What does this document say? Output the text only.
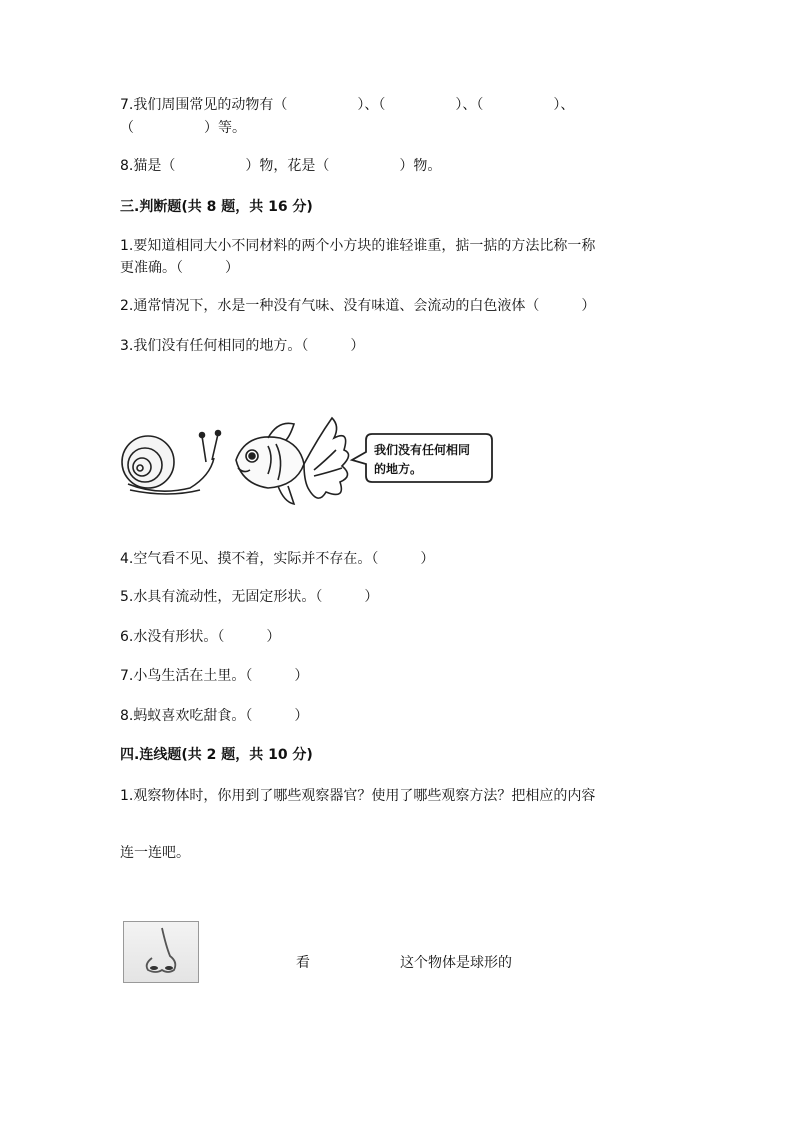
7.我们周围常见的动物有（　　　　　）、（　　　　　）、（　　　　　）、
（　　　　　）等。
8.猫是（　　　　　）物，花是（　　　　　）物。
三.判断题(共 8 题，共 16 分)
1.要知道相同大小不同材料的两个小方块的谁轻谁重，掂一掂的方法比称一称
更准确。（　　　）
2.通常情况下，水是一种没有气味、没有味道、会流动的白色液体（　　　）
3.我们没有任何相同的地方。（　　　）
我们没有任何相同
的地方。
4.空气看不见、摸不着，实际并不存在。（　　　）
5.水具有流动性，无固定形状。（　　　）
6.水没有形状。（　　　）
7.小鸟生活在土里。（　　　）
8.蚂蚁喜欢吃甜食。（　　　）
四.连线题(共 2 题，共 10 分)
1.观察物体时，你用到了哪些观察器官？使用了哪些观察方法？把相应的内容
连一连吧。
看	这个物体是球形的
